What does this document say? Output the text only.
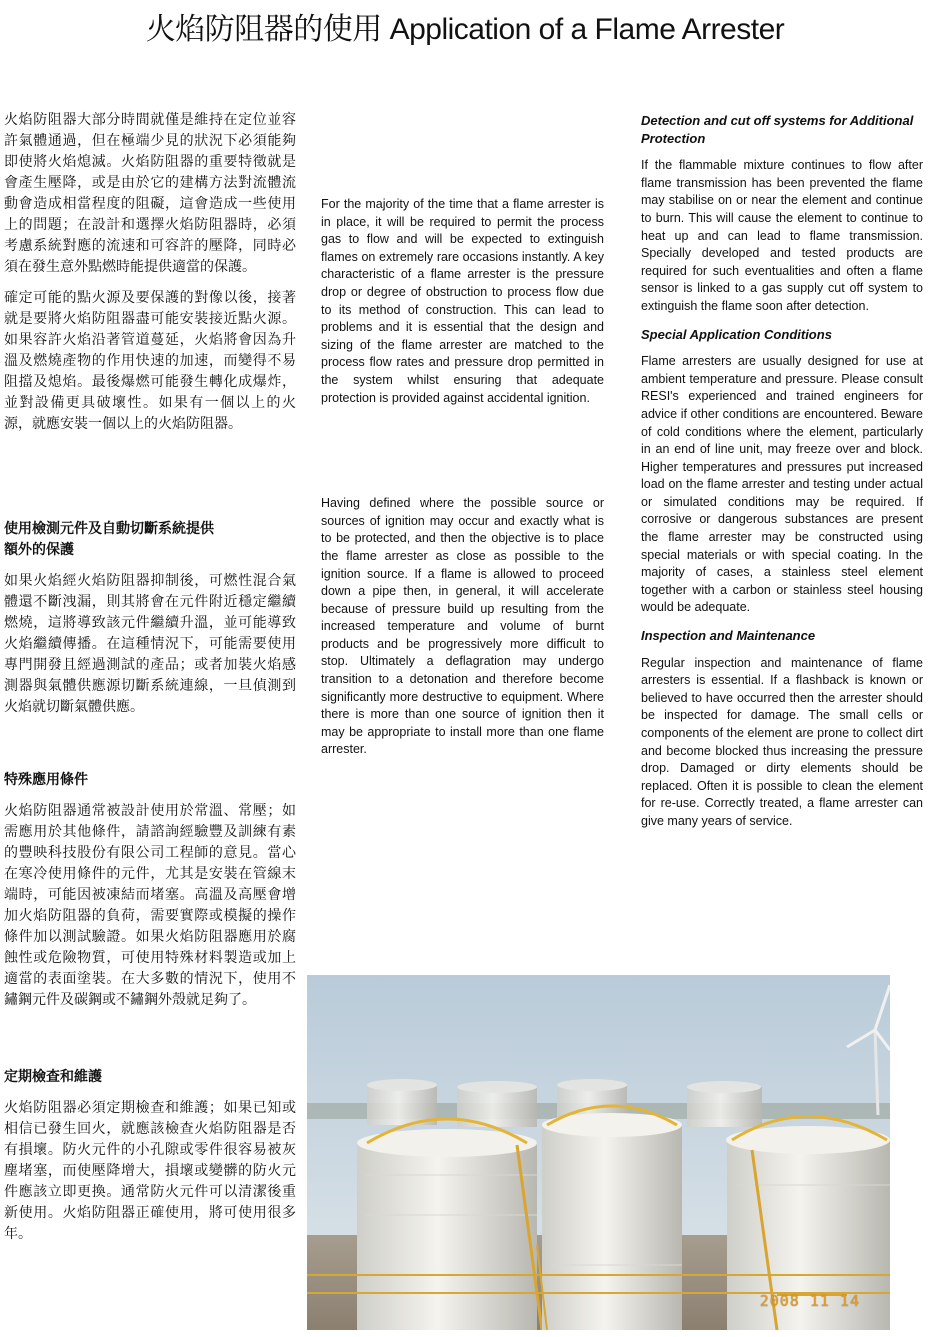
火焰防阻器的使用 Application of a Flame Arrester

火焰防阻器大部分時間就僅是維持在定位並容許氣體通過，但在極端少見的狀況下必須能夠即使將火焰熄滅。火焰防阻器的重要特徵就是會產生壓降，或是由於它的建構方法對流體流動會造成相當程度的阻礙，這會造成一些使用上的問題；在設計和選擇火焰防阻器時，必須考慮系統對應的流速和可容許的壓降，同時必須在發生意外點燃時能提供適當的保護。

確定可能的點火源及要保護的對像以後，接著就是要將火焰防阻器盡可能安裝接近點火源。如果容許火焰沿著管道蔓延，火焰將會因為升溫及燃燒產物的作用快速的加速，而變得不易阻擋及熄焰。最後爆燃可能發生轉化成爆炸，並對設備更具破壞性。如果有一個以上的火源，就應安裝一個以上的火焰防阻器。

使用檢測元件及自動切斷系統提供額外的保護

如果火焰經火焰防阻器抑制後，可燃性混合氣體還不斷洩漏，則其將會在元件附近穩定繼續燃燒，這將導致該元件繼續升溫，並可能導致火焰繼續傳播。在這種情況下，可能需要使用專門開發且經過測試的產品；或者加裝火焰感測器與氣體供應源切斷系統連線，一旦偵測到火焰就切斷氣體供應。

特殊應用條件

火焰防阻器通常被設計使用於常溫、常壓；如需應用於其他條件，請諮詢經驗豐及訓練有素的豐映科技股份有限公司工程師的意見。當心在寒冷使用條件的元件，尤其是安裝在管線末端時，可能因被凍結而堵塞。高溫及高壓會增加火焰防阻器的負荷，需要實際或模擬的操作條件加以測試驗證。如果火焰防阻器應用於腐蝕性或危險物質，可使用特殊材料製造或加上適當的表面塗裝。在大多數的情況下，使用不鏽鋼元件及碳鋼或不鏽鋼外殼就足夠了。

定期檢查和維護

火焰防阻器必須定期檢查和維護；如果已知或相信已發生回火，就應該檢查火焰防阻器是否有損壞。防火元件的小孔隙或零件很容易被灰塵堵塞，而使壓降增大，損壞或變髒的防火元件應該立即更換。通常防火元件可以清潔後重新使用。火焰防阻器正確使用，將可使用很多年。

For the majority of the time that a flame arrester is in place, it will be required to permit the process gas to flow and will be expected to extinguish flames on extremely rare occasions instantly. A key characteristic of a flame arrester is the pressure drop or degree of obstruction to process flow due to its method of construction. This can lead to problems and it is essential that the design and sizing of the flame arrester are matched to the process flow rates and pressure drop permitted in the system whilst ensuring that adequate protection is provided against accidental ignition.

Having defined where the possible source or sources of ignition may occur and exactly what is to be protected, and then the objective is to place the flame arrester as close as possible to the ignition source. If a flame is allowed to proceed down a pipe then, in general, it will accelerate because of pressure build up resulting from the increased temperature and volume of burnt products and be progressively more difficult to stop. Ultimately a deflagration may undergo transition to a detonation and therefore become significantly more destructive to equipment. Where there is more than one source of ignition then it may be appropriate to install more than one flame arrester.

Detection and cut off systems for Additional Protection

If the flammable mixture continues to flow after flame transmission has been prevented the flame may stabilise on or near the element and continue to burn. This will cause the element to continue to heat up and can lead to flame transmission. Specially developed and tested products are required for such eventualities and often a flame sensor is linked to a gas supply cut off system to extinguish the flame soon after detection.

Special Application Conditions

Flame arresters are usually designed for use at ambient temperature and pressure. Please consult RESI's experienced and trained engineers for advice if other conditions are encountered. Beware of cold conditions where the element, particularly in an end of line unit, may freeze over and block. Higher temperatures and pressures put increased load on the flame arrester and testing under actual or simulated conditions may be required. If corrosive or dangerous substances are present the flame arrester may be constructed using special materials or with special coating. In the majority of cases, a stainless steel element together with a carbon or stainless steel housing would be adequate.

Inspection and Maintenance

Regular inspection and maintenance of flame arresters is essential. If a flashback is known or believed to have occurred then the arrester should be inspected for damage. The small cells or components of the element are prone to collect dirt and become blocked thus increasing the pressure drop. Damaged or dirty elements should be replaced. Often it is possible to clean the element for re-use. Correctly treated, a flame arrester can give many years of service.

2008 11 14
